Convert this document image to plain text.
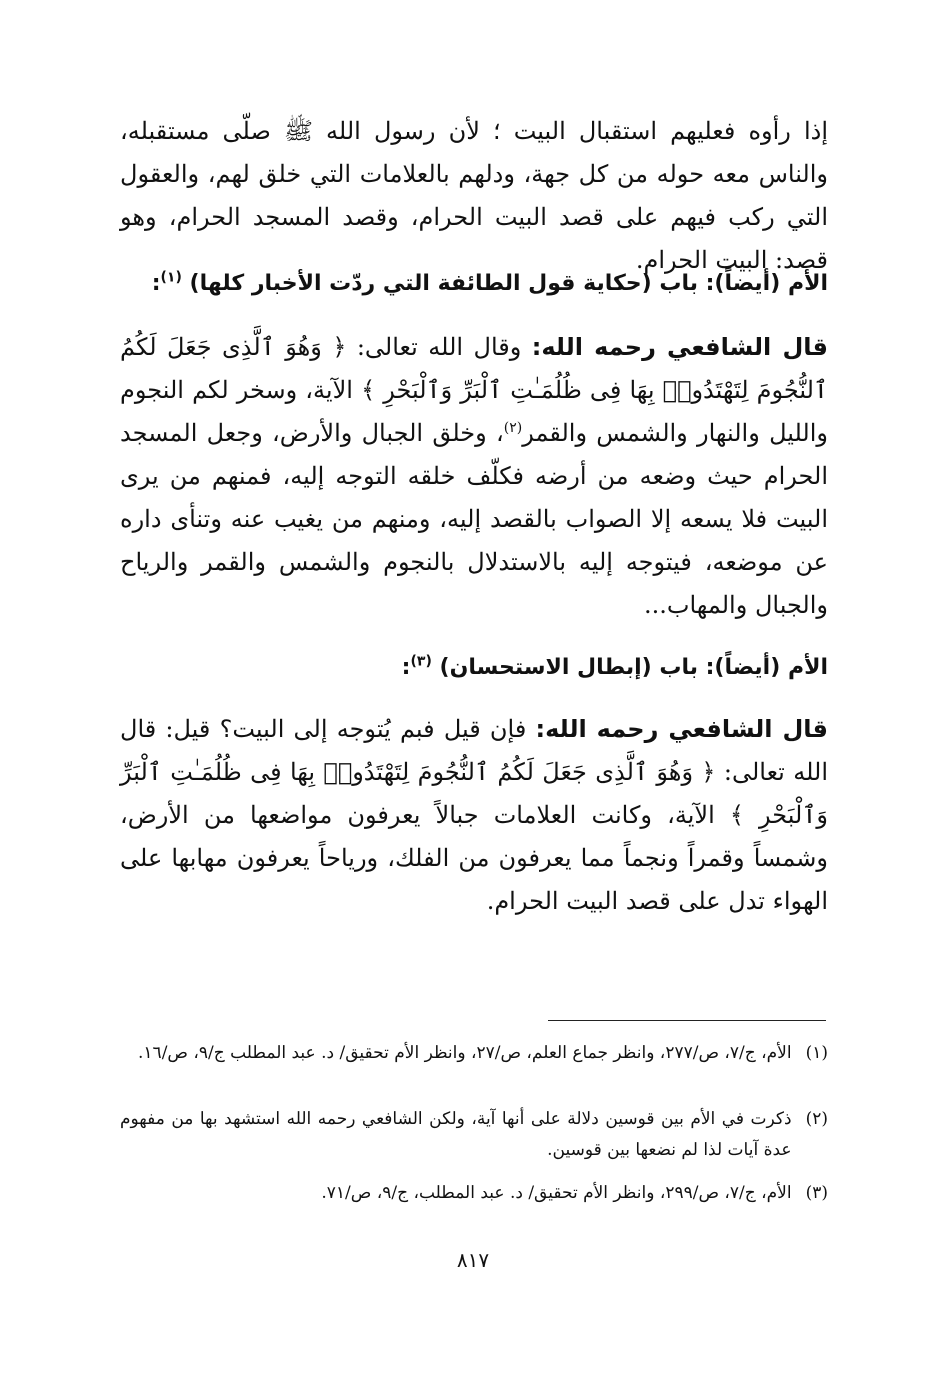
إذا رأوه فعليهم استقبال البيت ؛ لأن رسول الله ﷺ صلّى مستقبله، والناس معه حوله من كل جهة، ودلهم بالعلامات التي خلق لهم، والعقول التي ركب فيهم على قصد البيت الحرام، وقصد المسجد الحرام، وهو قصد: البيت الحرام.

الأم (أيضاً): باب (حكاية قول الطائفة التي ردّت الأخبار كلها) $^{(١)}$:

قال الشافعي رحمه الله: وقال الله تعالى: ﴿ وَهُوَ ٱلَّذِى جَعَلَ لَكُمُ ٱلنُّجُومَ لِتَهْتَدُوا۟ بِهَا فِى ظُلُمَـٰتِ ٱلْبَرِّ وَٱلْبَحْرِ ﴾ الآية، وسخر لكم النجوم والليل والنهار والشمس والقمر$^{(٢)}$، وخلق الجبال والأرض، وجعل المسجد الحرام حيث وضعه من أرضه فكلّف خلقه التوجه إليه، فمنهم من يرى البيت فلا يسعه إلا الصواب بالقصد إليه، ومنهم من يغيب عنه وتنأى داره عن موضعه، فيتوجه إليه بالاستدلال بالنجوم والشمس والقمر والرياح والجبال والمهاب...

الأم (أيضاً): باب (إبطال الاستحسان) $^{(٣)}$:

قال الشافعي رحمه الله: فإن قيل فبم يُتوجه إلى البيت؟ قيل: قال الله تعالى: ﴿ وَهُوَ ٱلَّذِى جَعَلَ لَكُمُ ٱلنُّجُومَ لِتَهْتَدُوا۟ بِهَا فِى ظُلُمَـٰتِ ٱلْبَرِّ وَٱلْبَحْرِ ﴾ الآية، وكانت العلامات جبالاً يعرفون مواضعها من الأرض، وشمساً وقمراً ونجماً مما يعرفون من الفلك، ورياحاً يعرفون مهابها على الهواء تدل على قصد البيت الحرام.

(١)
الأم، ج/٧، ص/٢٧٧، وانظر جماع العلم، ص/٢٧، وانظر الأم تحقيق/ د. عبد المطلب ج/٩، ص/١٦.
(٢)
ذكرت في الأم بين قوسين دلالة على أنها آية، ولكن الشافعي رحمه الله استشهد بها من مفهوم عدة آيات لذا لم نضعها بين قوسين.
(٣)
الأم، ج/٧، ص/٢٩٩، وانظر الأم تحقيق/ د. عبد المطلب، ج/٩، ص/٧١.
٨١٧
